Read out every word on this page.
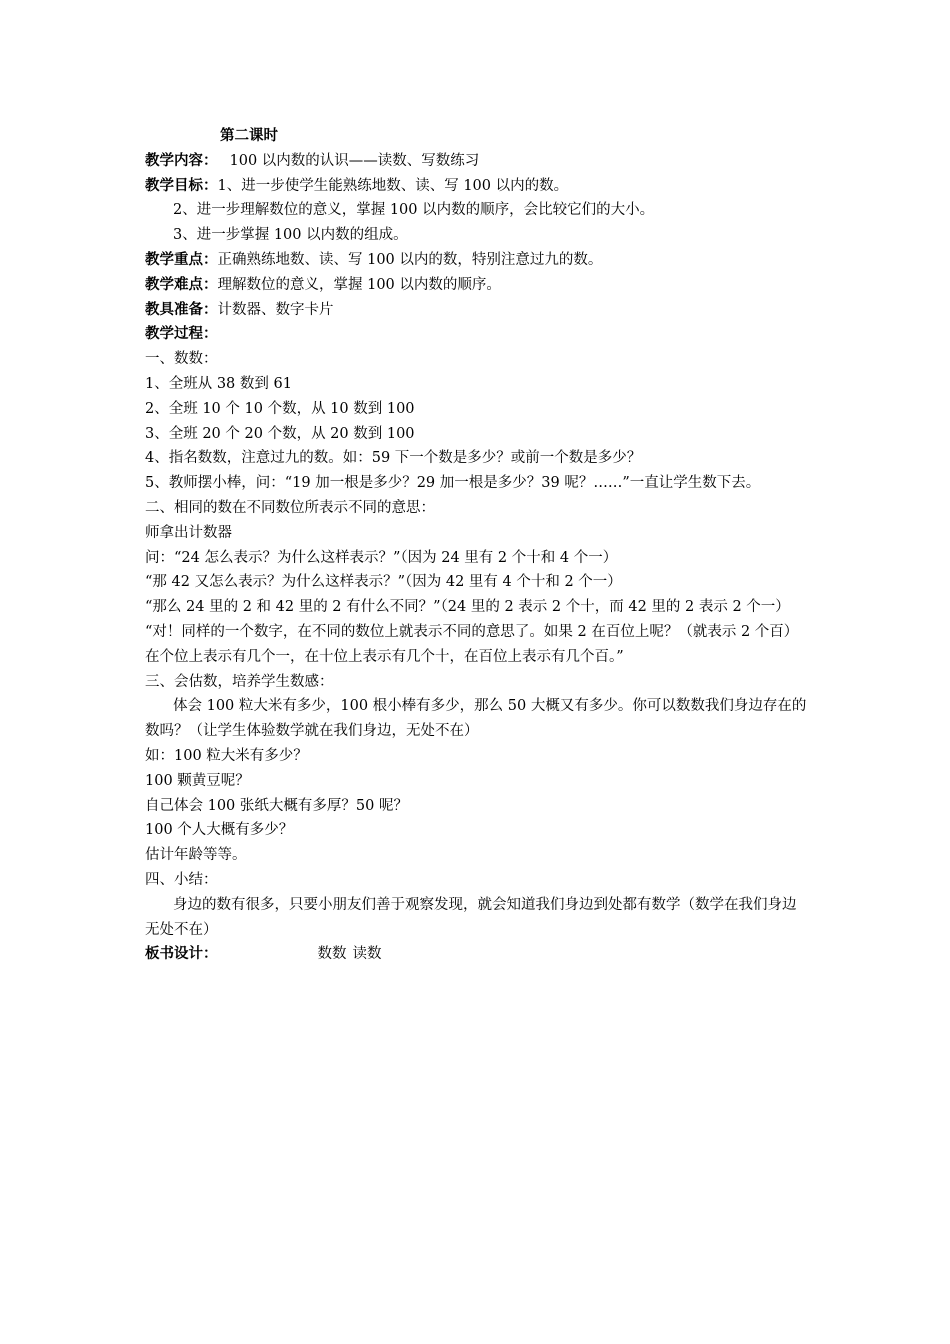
第二课时

教学内容： 100 以内数的认识——读数、写数练习

教学目标：1、进一步使学生能熟练地数、读、写 100 以内的数。

2、进一步理解数位的意义，掌握 100 以内数的顺序，会比较它们的大小。

3、进一步掌握 100 以内数的组成。

教学重点：正确熟练地数、读、写 100 以内的数，特别注意过九的数。

教学难点：理解数位的意义，掌握 100 以内数的顺序。

教具准备：计数器、数字卡片

教学过程：

一、数数：

1、全班从 38 数到 61

2、全班 10 个 10 个数，从 10 数到 100

3、全班 20 个 20 个数，从 20 数到 100

4、指名数数，注意过九的数。如：59 下一个数是多少？或前一个数是多少？

5、教师摆小棒，问：“19 加一根是多少？29 加一根是多少？39 呢？……”一直让学生数下去。

二、相同的数在不同数位所表示不同的意思：

师拿出计数器

问：“24 怎么表示？为什么这样表示？”（因为 24 里有 2 个十和 4 个一）

“那 42 又怎么表示？为什么这样表示？”（因为 42 里有 4 个十和 2 个一）

“那么 24 里的 2 和 42 里的 2 有什么不同？”（24 里的 2 表示 2 个十，而 42 里的 2 表示 2 个一）

“对！同样的一个数字，在不同的数位上就表示不同的意思了。如果 2 在百位上呢？（就表示 2 个百）在个位上表示有几个一，在十位上表示有几个十，在百位上表示有几个百。”

三、会估数，培养学生数感：

体会 100 粒大米有多少，100 根小棒有多少，那么 50 大概又有多少。你可以数数我们身边存在的数吗？（让学生体验数学就在我们身边，无处不在）

如：100 粒大米有多少？

100 颗黄豆呢？

自己体会 100 张纸大概有多厚？50 呢？

100 个人大概有多少？

估计年龄等等。

四、小结：

身边的数有很多，只要小朋友们善于观察发现，就会知道我们身边到处都有数学（数学在我们身边无处不在）

板书设计：	数数 读数
